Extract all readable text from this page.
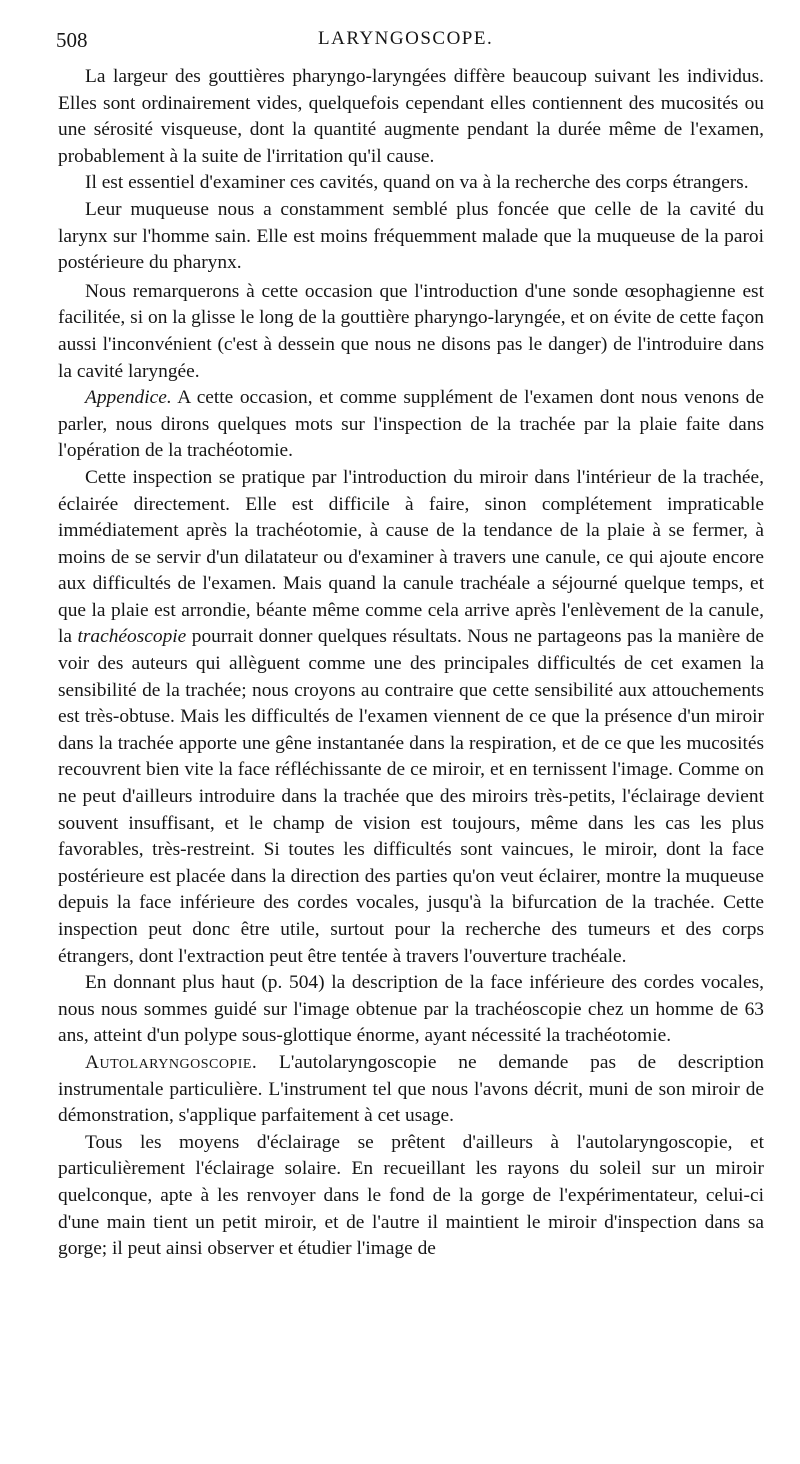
508	LARYNGOSCOPE.

La largeur des gouttières pharyngo-laryngées diffère beaucoup suivant les individus. Elles sont ordinairement vides, quelquefois cependant elles contiennent des mucosités ou une sérosité visqueuse, dont la quantité augmente pendant la durée même de l'examen, probablement à la suite de l'irritation qu'il cause.

Il est essentiel d'examiner ces cavités, quand on va à la recherche des corps étrangers.

Leur muqueuse nous a constamment semblé plus foncée que celle de la cavité du larynx sur l'homme sain. Elle est moins fréquemment malade que la muqueuse de la paroi postérieure du pharynx.

Nous remarquerons à cette occasion que l'introduction d'une sonde œsophagienne est facilitée, si on la glisse le long de la gouttière pharyngo-laryngée, et on évite de cette façon aussi l'inconvénient (c'est à dessein que nous ne disons pas le danger) de l'introduire dans la cavité laryngée.

Appendice. A cette occasion, et comme supplément de l'examen dont nous venons de parler, nous dirons quelques mots sur l'inspection de la trachée par la plaie faite dans l'opération de la trachéotomie.

Cette inspection se pratique par l'introduction du miroir dans l'intérieur de la trachée, éclairée directement. Elle est difficile à faire, sinon complétement impraticable immédiatement après la trachéotomie, à cause de la tendance de la plaie à se fermer, à moins de se servir d'un dilatateur ou d'examiner à travers une canule, ce qui ajoute encore aux difficultés de l'examen. Mais quand la canule trachéale a séjourné quelque temps, et que la plaie est arrondie, béante même comme cela arrive après l'enlèvement de la canule, la trachéoscopie pourrait donner quelques résultats. Nous ne partageons pas la manière de voir des auteurs qui allèguent comme une des principales difficultés de cet examen la sensibilité de la trachée; nous croyons au contraire que cette sensibilité aux attouchements est très-obtuse. Mais les difficultés de l'examen viennent de ce que la présence d'un miroir dans la trachée apporte une gêne instantanée dans la respiration, et de ce que les mucosités recouvrent bien vite la face réfléchissante de ce miroir, et en ternissent l'image. Comme on ne peut d'ailleurs introduire dans la trachée que des miroirs très-petits, l'éclairage devient souvent insuffisant, et le champ de vision est toujours, même dans les cas les plus favorables, très-restreint. Si toutes les difficultés sont vaincues, le miroir, dont la face postérieure est placée dans la direction des parties qu'on veut éclairer, montre la muqueuse depuis la face inférieure des cordes vocales, jusqu'à la bifurcation de la trachée. Cette inspection peut donc être utile, surtout pour la recherche des tumeurs et des corps étrangers, dont l'extraction peut être tentée à travers l'ouverture trachéale.

En donnant plus haut (p. 504) la description de la face inférieure des cordes vocales, nous nous sommes guidé sur l'image obtenue par la trachéoscopie chez un homme de 63 ans, atteint d'un polype sous-glottique énorme, ayant nécessité la trachéotomie.

Autolaryngoscopie. L'autolaryngoscopie ne demande pas de description instrumentale particulière. L'instrument tel que nous l'avons décrit, muni de son miroir de démonstration, s'applique parfaitement à cet usage.

Tous les moyens d'éclairage se prêtent d'ailleurs à l'autolaryngoscopie, et particulièrement l'éclairage solaire. En recueillant les rayons du soleil sur un miroir quelconque, apte à les renvoyer dans le fond de la gorge de l'expérimentateur, celui-ci d'une main tient un petit miroir, et de l'autre il maintient le miroir d'inspection dans sa gorge; il peut ainsi observer et étudier l'image de
